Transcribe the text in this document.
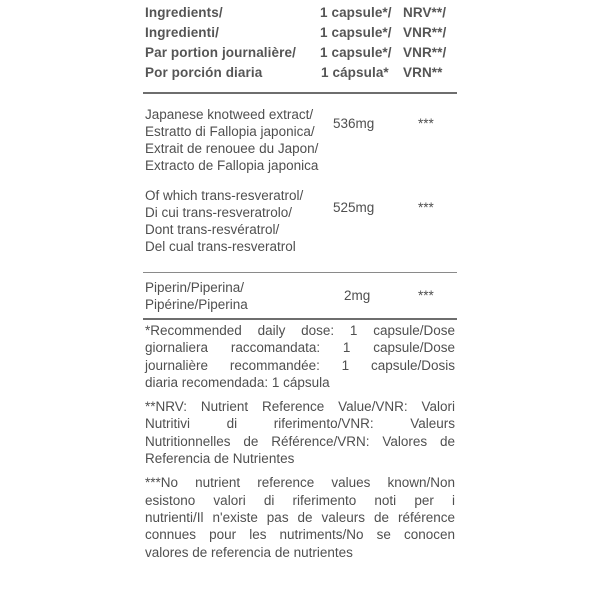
Ingredients/	1 capsule*/ NRV**/
Ingredienti/	1 capsule*/ VNR**/
Par portion journalière/ 1 capsule*/ VNR**/
Por porción diaria	1 cápsula* VRN**
Japanese knotweed extract/
Estratto di Fallopia japonica/
Extrait de renouee du Japon/
Extracto de Fallopia japonica
536mg	***
Of which trans-resveratrol/
Di cui trans-resveratrolo/
Dont trans-resvératrol/
Del cual trans-resveratrol
525mg	***
Piperin/Piperina/
Pipérine/Piperina
2mg	***
*Recommended daily dose: 1 capsule/Dose
giornaliera raccomandata: 1 capsule/Dose
journalière recommandée: 1 capsule/Dosis
diaria recomendada: 1 cápsula
**NRV: Nutrient Reference Value/VNR: Valori
Nutritivi di riferimento/VNR: Valeurs
Nutritionnelles de Référence/VRN: Valores de
Referencia de Nutrientes
***No nutrient reference values known/Non
esistono valori di riferimento noti per i
nutrienti/Il n'existe pas de valeurs de référence
connues pour les nutriments/No se conocen
valores de referencia de nutrientes
